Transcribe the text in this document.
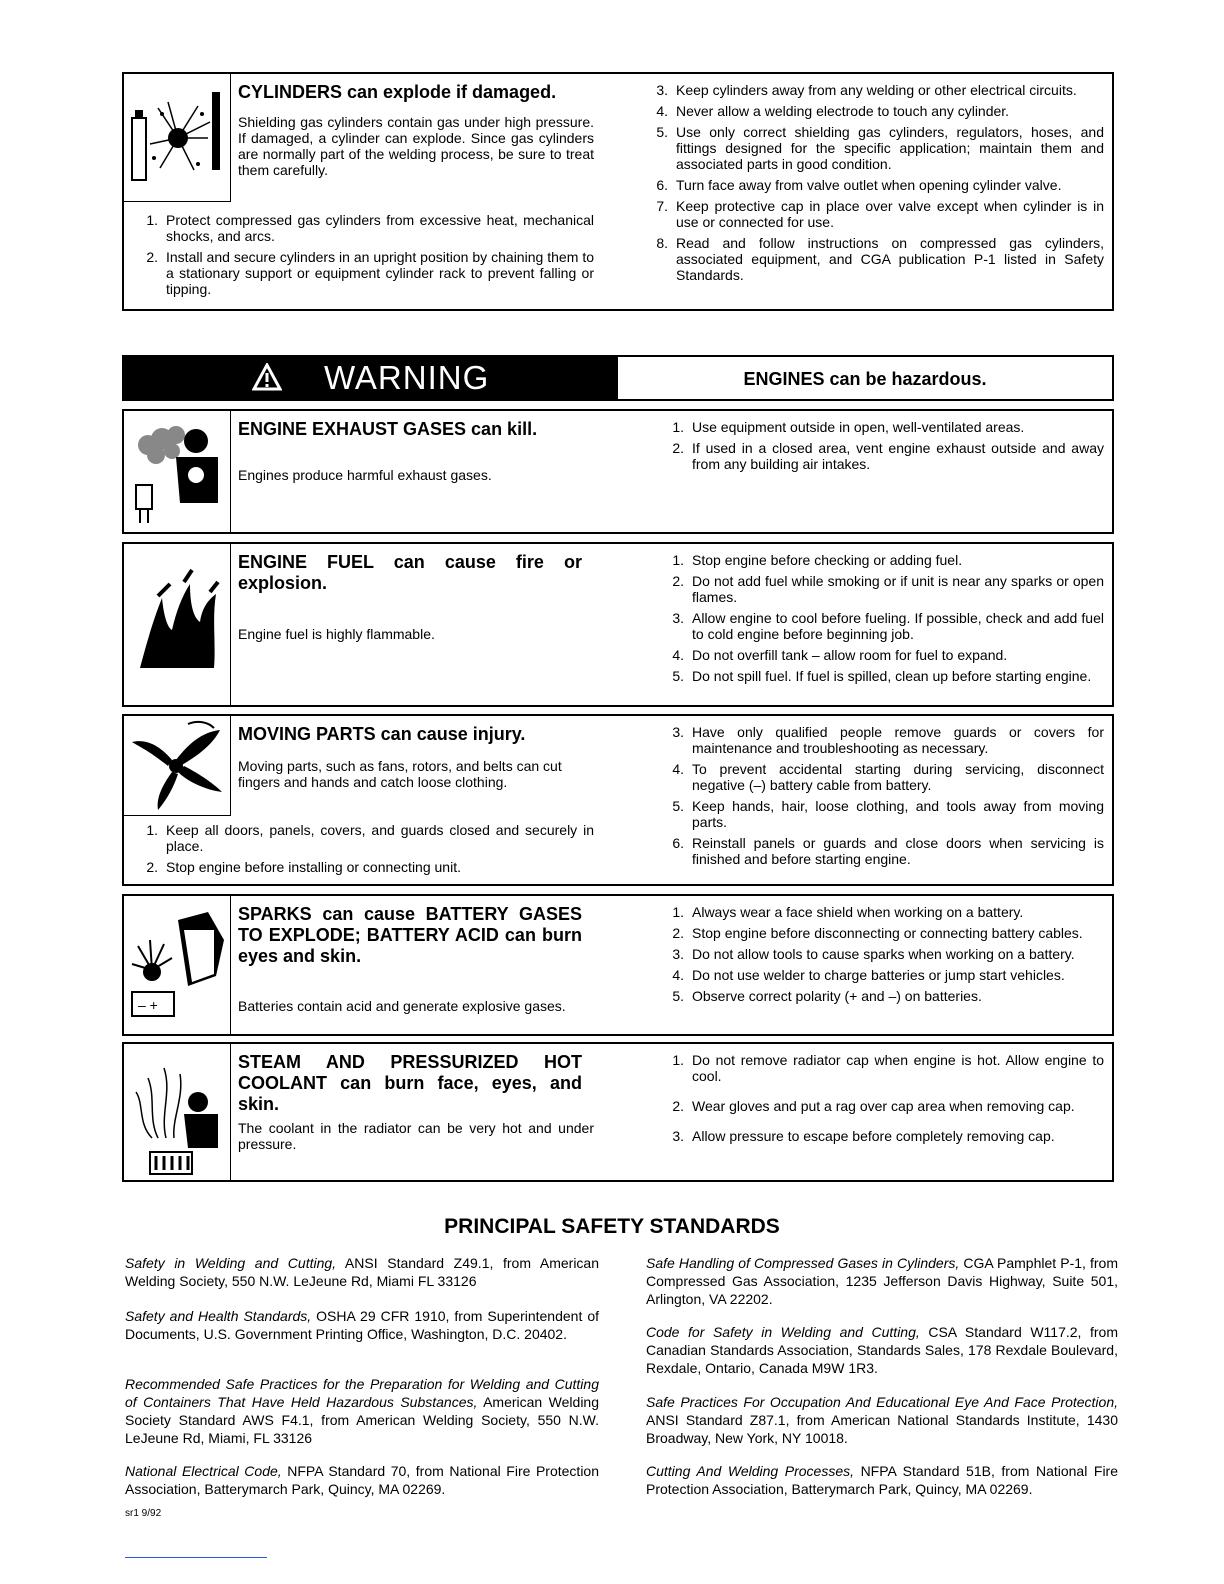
CYLINDERS can explode if damaged.
Shielding gas cylinders contain gas under high pressure. If damaged, a cylinder can explode. Since gas cylinders are normally part of the welding process, be sure to treat them carefully.
1. Protect compressed gas cylinders from excessive heat, mechanical shocks, and arcs.
2. Install and secure cylinders in an upright position by chaining them to a stationary support or equipment cylinder rack to prevent falling or tipping.
3. Keep cylinders away from any welding or other electrical circuits.
4. Never allow a welding electrode to touch any cylinder.
5. Use only correct shielding gas cylinders, regulators, hoses, and fittings designed for the specific application; maintain them and associated parts in good condition.
6. Turn face away from valve outlet when opening cylinder valve.
7. Keep protective cap in place over valve except when cylinder is in use or connected for use.
8. Read and follow instructions on compressed gas cylinders, associated equipment, and CGA publication P-1 listed in Safety Standards.
WARNING	ENGINES can be hazardous.
ENGINE EXHAUST GASES can kill.
Engines produce harmful exhaust gases.
1. Use equipment outside in open, well-ventilated areas.
2. If used in a closed area, vent engine exhaust outside and away from any building air intakes.
ENGINE FUEL can cause fire or explosion.
Engine fuel is highly flammable.
1. Stop engine before checking or adding fuel.
2. Do not add fuel while smoking or if unit is near any sparks or open flames.
3. Allow engine to cool before fueling. If possible, check and add fuel to cold engine before beginning job.
4. Do not overfill tank – allow room for fuel to expand.
5. Do not spill fuel. If fuel is spilled, clean up before starting engine.
MOVING PARTS can cause injury.
Moving parts, such as fans, rotors, and belts can cut fingers and hands and catch loose clothing.
1. Keep all doors, panels, covers, and guards closed and securely in place.
2. Stop engine before installing or connecting unit.
3. Have only qualified people remove guards or covers for maintenance and troubleshooting as necessary.
4. To prevent accidental starting during servicing, disconnect negative (–) battery cable from battery.
5. Keep hands, hair, loose clothing, and tools away from moving parts.
6. Reinstall panels or guards and close doors when servicing is finished and before starting engine.
– +
SPARKS can cause BATTERY GASES TO EXPLODE; BATTERY ACID can burn eyes and skin.
Batteries contain acid and generate explosive gases.
1. Always wear a face shield when working on a battery.
2. Stop engine before disconnecting or connecting battery cables.
3. Do not allow tools to cause sparks when working on a battery.
4. Do not use welder to charge batteries or jump start vehicles.
5. Observe correct polarity (+ and –) on batteries.
STEAM AND PRESSURIZED HOT COOLANT can burn face, eyes, and skin.
The coolant in the radiator can be very hot and under pressure.
1. Do not remove radiator cap when engine is hot. Allow engine to cool.
2. Wear gloves and put a rag over cap area when removing cap.
3. Allow pressure to escape before completely removing cap.
PRINCIPAL SAFETY STANDARDS

Safety in Welding and Cutting, ANSI Standard Z49.1, from American Welding Society, 550 N.W. LeJeune Rd, Miami FL 33126

Safety and Health Standards, OSHA 29 CFR 1910, from Superintendent of Documents, U.S. Government Printing Office, Washington, D.C. 20402.

Recommended Safe Practices for the Preparation for Welding and Cutting of Containers That Have Held Hazardous Substances, American Welding Society Standard AWS F4.1, from American Welding Society, 550 N.W. LeJeune Rd, Miami, FL 33126

National Electrical Code, NFPA Standard 70, from National Fire Protection Association, Batterymarch Park, Quincy, MA 02269.

Safe Handling of Compressed Gases in Cylinders, CGA Pamphlet P-1, from Compressed Gas Association, 1235 Jefferson Davis Highway, Suite 501, Arlington, VA 22202.

Code for Safety in Welding and Cutting, CSA Standard W117.2, from Canadian Standards Association, Standards Sales, 178 Rexdale Boulevard, Rexdale, Ontario, Canada M9W 1R3.

Safe Practices For Occupation And Educational Eye And Face Protection, ANSI Standard Z87.1, from American National Standards Institute, 1430 Broadway, New York, NY 10018.

Cutting And Welding Processes, NFPA Standard 51B, from National Fire Protection Association, Batterymarch Park, Quincy, MA 02269.

sr1 9/92
